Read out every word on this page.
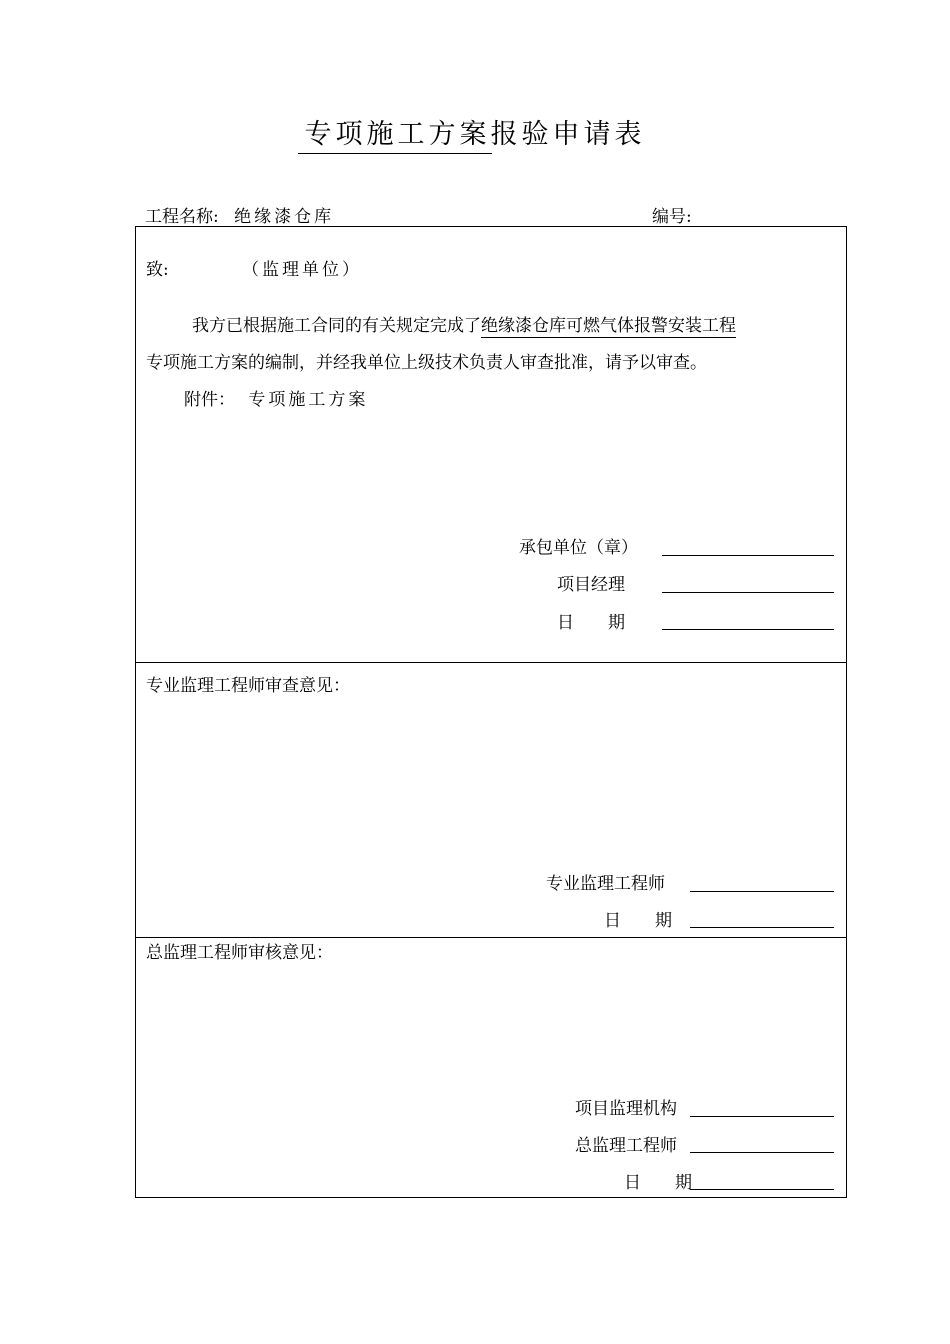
专项施工方案报验申请表
工程名称: 绝缘漆仓库	编号:
致:	（监理单位）
我方已根据施工合同的有关规定完成了绝缘漆仓库可燃气体报警安装工程
专项施工方案的编制，并经我单位上级技术负责人审查批准，请予以审查。
附件： 专项施工方案
承包单位（章）
项目经理
日　　期
专业监理工程师审查意见：
专业监理工程师
日　　期
总监理工程师审核意见：
项目监理机构
总监理工程师
日　　期
